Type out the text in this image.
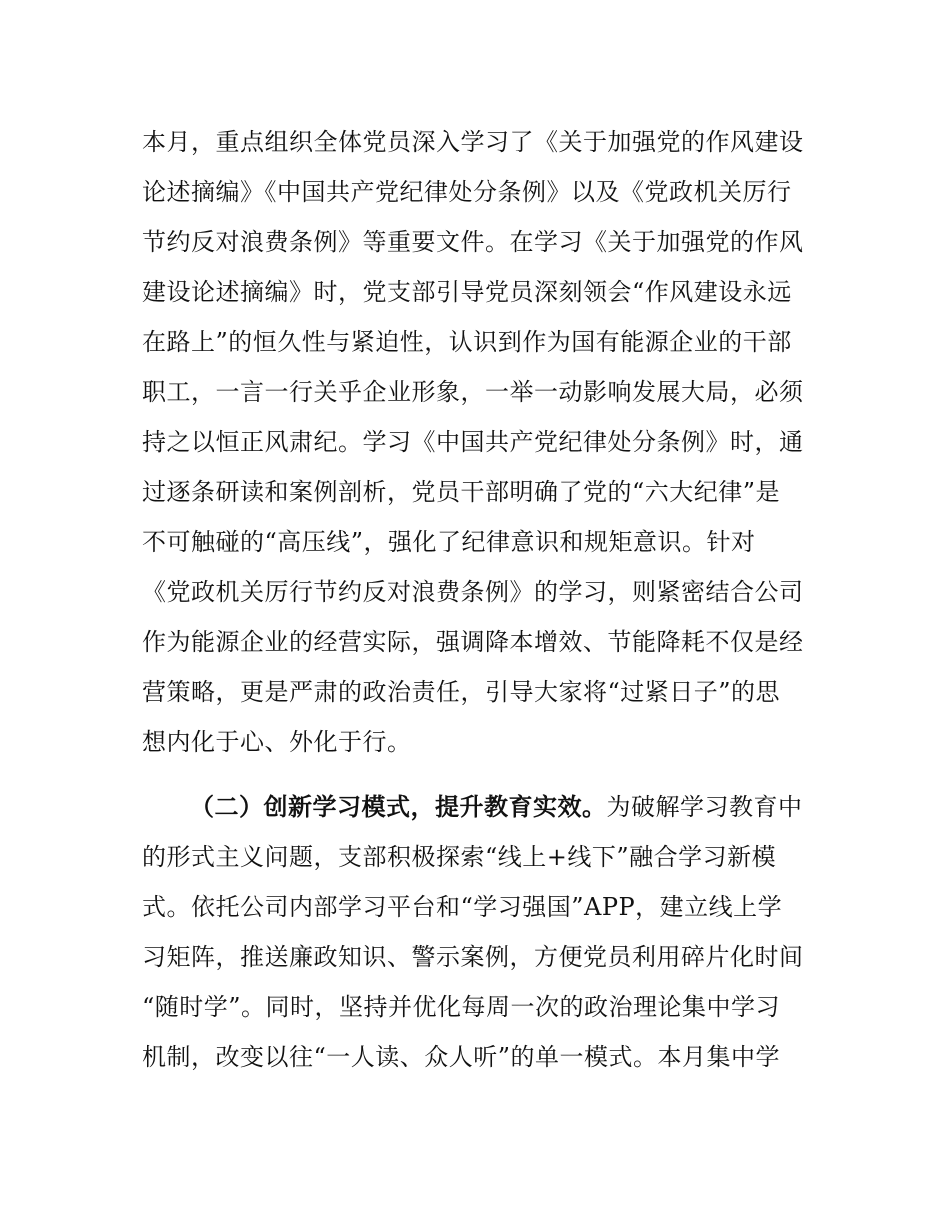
本月，重点组织全体党员深入学习了《关于加强党的作风建设
论述摘编》《中国共产党纪律处分条例》以及《党政机关厉行
节约反对浪费条例》等重要文件。在学习《关于加强党的作风
建设论述摘编》时，党支部引导党员深刻领会“作风建设永远
在路上”的恒久性与紧迫性，认识到作为国有能源企业的干部
职工，一言一行关乎企业形象，一举一动影响发展大局，必须
持之以恒正风肃纪。学习《中国共产党纪律处分条例》时，通
过逐条研读和案例剖析，党员干部明确了党的“六大纪律”是
不可触碰的“高压线”，强化了纪律意识和规矩意识。针对
《党政机关厉行节约反对浪费条例》的学习，则紧密结合公司
作为能源企业的经营实际，强调降本增效、节能降耗不仅是经
营策略，更是严肃的政治责任，引导大家将“过紧日子”的思
想内化于心、外化于行。
（二）创新学习模式，提升教育实效。为破解学习教育中
的形式主义问题，支部积极探索“线上+线下”融合学习新模
式。依托公司内部学习平台和“学习强国”APP，建立线上学
习矩阵，推送廉政知识、警示案例，方便党员利用碎片化时间
“随时学”。同时，坚持并优化每周一次的政治理论集中学习
机制，改变以往“一人读、众人听”的单一模式。本月集中学
